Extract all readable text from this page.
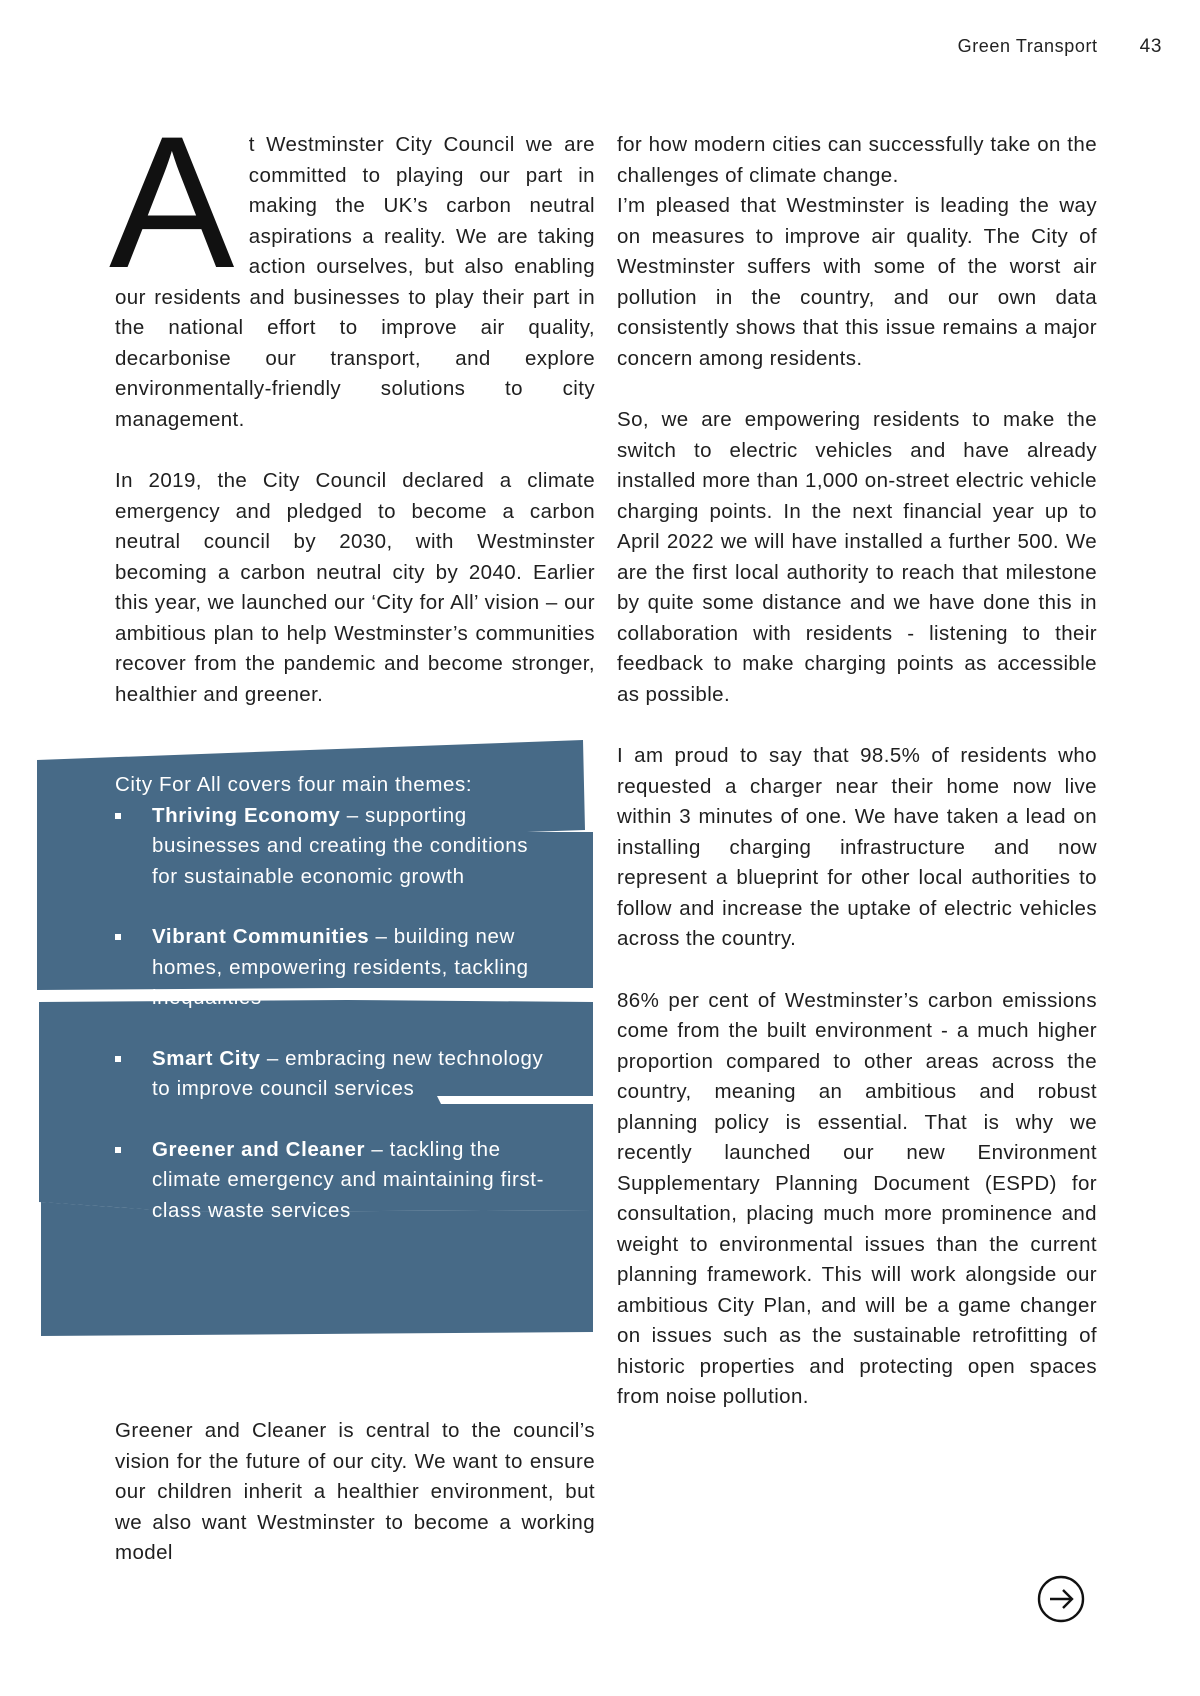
Green Transport 43

At Westminster City Council we are committed to playing our part in making the UK’s carbon neutral aspirations a reality. We are taking action ourselves, but also enabling our residents and businesses to play their part in the national effort to improve air quality, decarbonise our transport, and explore environmentally-friendly solutions to city management.

In 2019, the City Council declared a climate emergency and pledged to become a carbon neutral council by 2030, with Westminster becoming a carbon neutral city by 2040. Earlier this year, we launched our ‘City for All’ vision – our ambitious plan to help Westminster’s communities recover from the pandemic and become stronger, healthier and greener.

City For All covers four main themes:

Thriving Economy – supporting businesses and creating the conditions for sustainable economic growth
Vibrant Communities – building new homes, empowering residents, tackling inequalities
Smart City – embracing new technology to improve council services
Greener and Cleaner – tackling the climate emergency and maintaining first-class waste services

Greener and Cleaner is central to the council’s vision for the future of our city. We want to ensure our children inherit a healthier environment, but we also want Westminster to become a working model

for how modern cities can successfully take on the challenges of climate change.
I’m pleased that Westminster is leading the way on measures to improve air quality. The City of Westminster suffers with some of the worst air pollution in the country, and our own data consistently shows that this issue remains a major concern among residents.

So, we are empowering residents to make the switch to electric vehicles and have already installed more than 1,000 on-street electric vehicle charging points. In the next financial year up to April 2022 we will have installed a further 500. We are the first local authority to reach that milestone by quite some distance and we have done this in collaboration with residents - listening to their feedback to make charging points as accessible as possible.

I am proud to say that 98.5% of residents who requested a charger near their home now live within 3 minutes of one. We have taken a lead on installing charging infrastructure and now represent a blueprint for other local authorities to follow and increase the uptake of electric vehicles across the country.

86% per cent of Westminster’s carbon emissions come from the built environment - a much higher proportion compared to other areas across the country, meaning an ambitious and robust planning policy is essential. That is why we recently launched our new Environment Supplementary Planning Document (ESPD) for consultation, placing much more prominence and weight to environmental issues than the current planning framework. This will work alongside our ambitious City Plan, and will be a game changer on issues such as the sustainable retrofitting of historic properties and protecting open spaces from noise pollution.
